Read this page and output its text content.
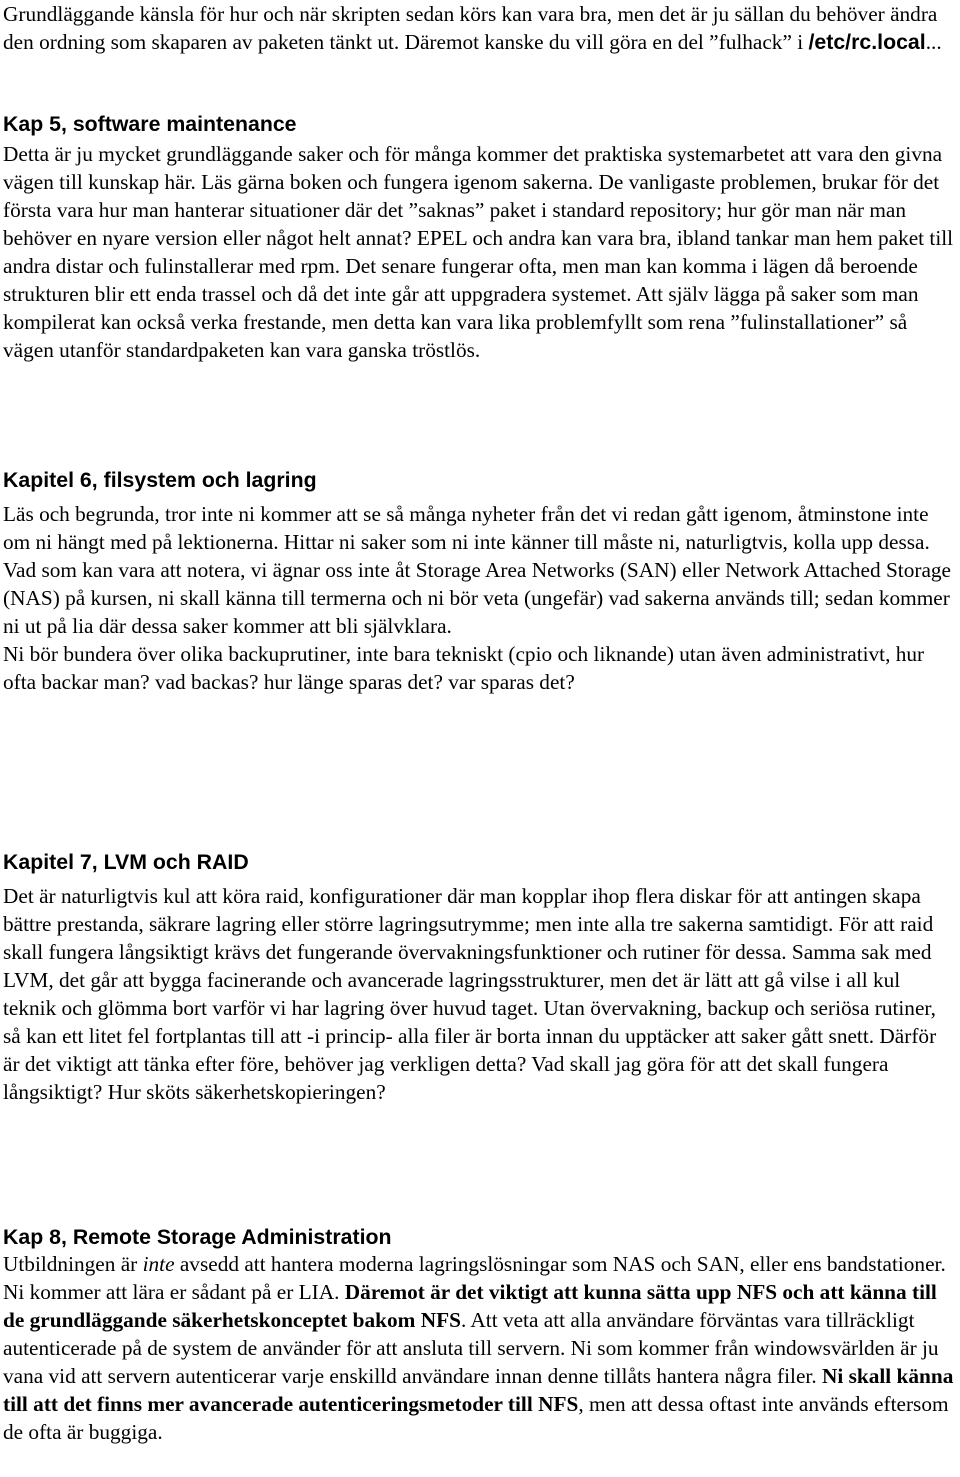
Grundläggande känsla för hur och när skripten sedan körs kan vara bra, men det är ju sällan du behöver ändra den ordning som skaparen av paketen tänkt ut. Däremot kanske du vill göra en del ”fulhack” i /etc/rc.local...

Kap 5, software maintenance

Detta är ju mycket grundläggande saker och för många kommer det praktiska systemarbetet att vara den givna vägen till kunskap här. Läs gärna boken och fungera igenom sakerna. De vanligaste problemen, brukar för det första vara hur man hanterar situationer där det ”saknas” paket i standard repository; hur gör man när man behöver en nyare version eller något helt annat? EPEL och andra kan vara bra, ibland tankar man hem paket till andra distar och fulinstallerar med rpm. Det senare fungerar ofta, men man kan komma i lägen då beroende strukturen blir ett enda trassel och då det inte går att uppgradera systemet. Att själv lägga på saker som man kompilerat kan också verka frestande, men detta kan vara lika problemfyllt som rena ”fulinstallationer” så vägen utanför standardpaketen kan vara ganska tröstlös.

Kapitel 6, filsystem och lagring

Läs och begrunda, tror inte ni kommer att se så många nyheter från det vi redan gått igenom, åtminstone inte om ni hängt med på lektionerna. Hittar ni saker som ni inte känner till måste ni, naturligtvis, kolla upp dessa. Vad som kan vara att notera, vi ägnar oss inte åt Storage Area Networks (SAN) eller Network Attached Storage (NAS) på kursen, ni skall känna till termerna och ni bör veta (ungefär) vad sakerna används till; sedan kommer ni ut på lia där dessa saker kommer att bli självklara.

Ni bör bundera över olika backuprutiner, inte bara tekniskt (cpio och liknande) utan även administrativt, hur ofta backar man? vad backas? hur länge sparas det? var sparas det?

Kapitel 7, LVM och RAID

Det är naturligtvis kul att köra raid, konfigurationer där man kopplar ihop flera diskar för att antingen skapa bättre prestanda, säkrare lagring eller större lagringsutrymme; men inte alla tre sakerna samtidigt. För att raid skall fungera långsiktigt krävs det fungerande övervakningsfunktioner och rutiner för dessa. Samma sak med LVM, det går att bygga facinerande och avancerade lagringsstrukturer, men det är lätt att gå vilse i all kul teknik och glömma bort varför vi har lagring över huvud taget. Utan övervakning, backup och seriösa rutiner, så kan ett litet fel fortplantas till att -i princip- alla filer är borta innan du upptäcker att saker gått snett. Därför är det viktigt att tänka efter före, behöver jag verkligen detta? Vad skall jag göra för att det skall fungera långsiktigt? Hur sköts säkerhetskopieringen?

Kap 8, Remote Storage Administration

Utbildningen är inte avsedd att hantera moderna lagringslösningar som NAS och SAN, eller ens bandstationer. Ni kommer att lära er sådant på er LIA. Däremot är det viktigt att kunna sätta upp NFS och att känna till de grundläggande säkerhetskonceptet bakom NFS. Att veta att alla användare förväntas vara tillräckligt autenticerade på de system de använder för att ansluta till servern. Ni som kommer från windowsvärlden är ju vana vid att servern autenticerar varje enskilld användare innan denne tillåts hantera några filer. Ni skall känna till att det finns mer avancerade autenticeringsmetoder till NFS, men att dessa oftast inte används eftersom de ofta är buggiga.
